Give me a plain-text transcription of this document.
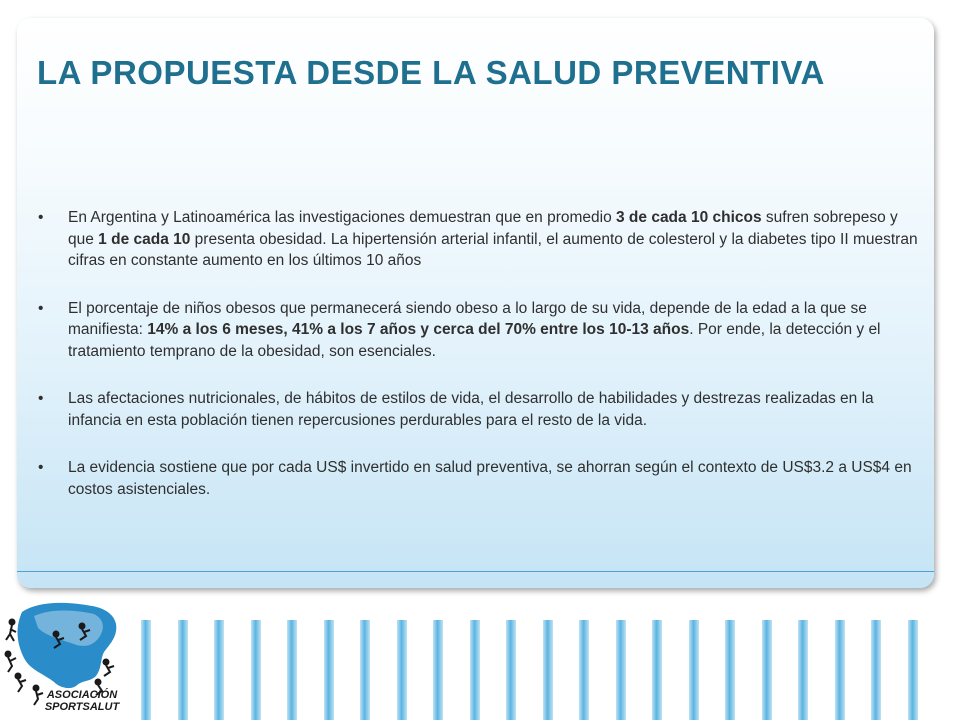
LA PROPUESTA DESDE LA SALUD PREVENTIVA
• En Argentina y Latinoamérica las investigaciones demuestran que en promedio 3 de cada 10 chicos sufren sobrepeso y que 1 de cada 10 presenta obesidad. La hipertensión arterial infantil, el aumento de colesterol y la diabetes tipo II muestran cifras en constante aumento en los últimos 10 años
• El porcentaje de niños obesos que permanecerá siendo obeso a lo largo de su vida, depende de la edad a la que se manifiesta: 14% a los 6 meses, 41% a los 7 años y cerca del 70% entre los 10-13 años. Por ende, la detección y el tratamiento temprano de la obesidad, son esenciales.
• Las afectaciones nutricionales, de hábitos de estilos de vida, el desarrollo de habilidades y destrezas realizadas en la infancia en esta población tienen repercusiones perdurables para el resto de la vida.
• La evidencia sostiene que por cada US$ invertido en salud preventiva, se ahorran según el contexto de US$3.2 a US$4 en costos asistenciales.
ASOCIACIÓN
SPORTSALUT
